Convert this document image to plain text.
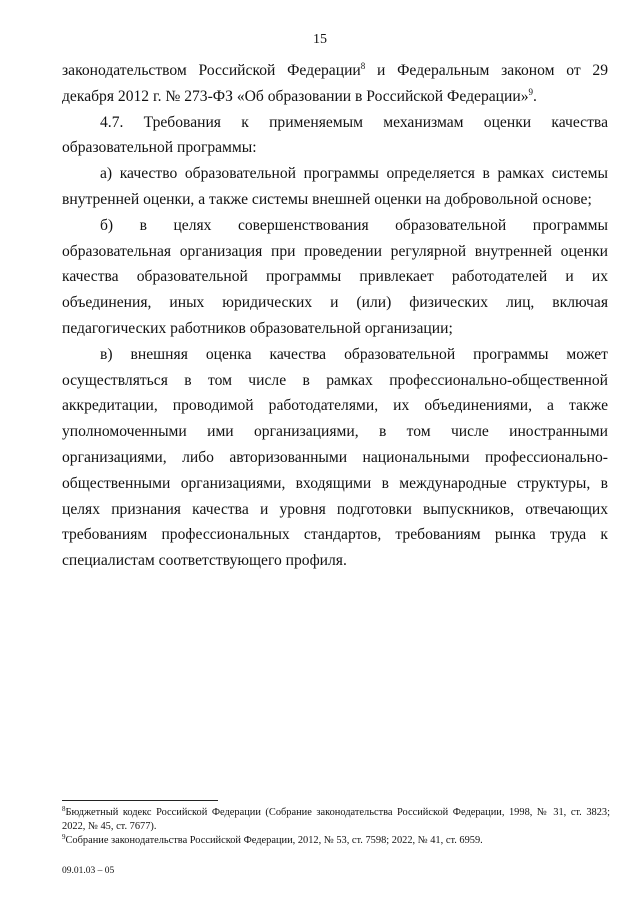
15

законодательством Российской Федерации$^8$ и Федеральным законом от 29 декабря 2012 г. № 273-ФЗ «Об образовании в Российской Федерации»$^9$.

4.7. Требования к применяемым механизмам оценки качества образовательной программы:

а) качество образовательной программы определяется в рамках системы внутренней оценки, а также системы внешней оценки на добровольной основе;

б) в целях совершенствования образовательной программы образовательная организация при проведении регулярной внутренней оценки качества образовательной программы привлекает работодателей и их объединения, иных юридических и (или) физических лиц, включая педагогических работников образовательной организации;

в) внешняя оценка качества образовательной программы может осуществляться в том числе в рамках профессионально-общественной аккредитации, проводимой работодателями, их объединениями, а также уполномоченными ими организациями, в том числе иностранными организациями, либо авторизованными национальными профессионально-общественными организациями, входящими в международные структуры, в целях признания качества и уровня подготовки выпускников, отвечающих требованиям профессиональных стандартов, требованиям рынка труда к специалистам соответствующего профиля.

$^8$Бюджетный кодекс Российской Федерации (Собрание законодательства Российской Федерации, 1998, № 31, ст. 3823; 2022, № 45, ст. 7677).

$^9$Собрание законодательства Российской Федерации, 2012, № 53, ст. 7598; 2022, № 41, ст. 6959.

09.01.03 – 05
